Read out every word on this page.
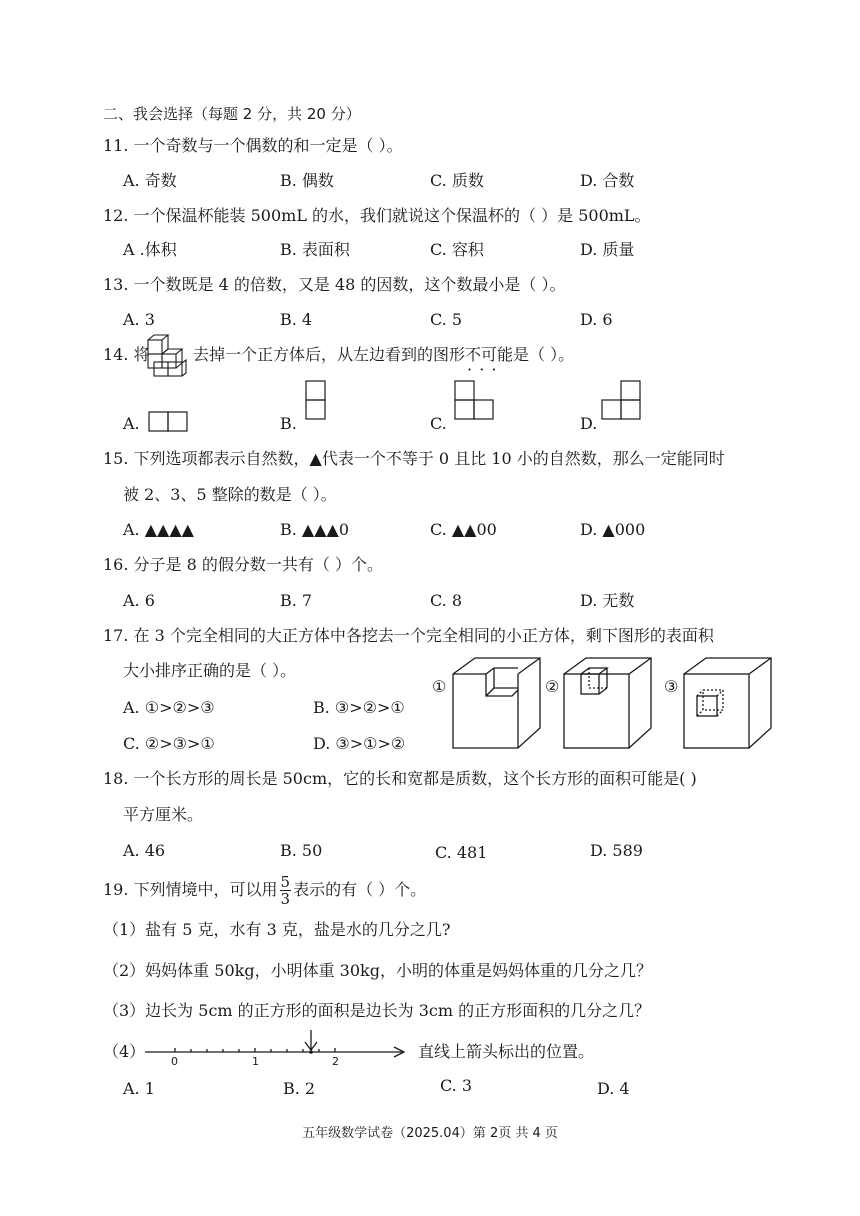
二、我会选择（每题 2 分，共 20 分）
11. 一个奇数与一个偶数的和一定是（ ）。
A. 奇数	B. 偶数	C. 质数	D. 合数
12. 一个保温杯能装 500mL 的水，我们就说这个保温杯的（ ）是 500mL。
A .体积	B. 表面积	C. 容积	D. 质量
13. 一个数既是 4 的倍数，又是 48 的因数，这个数最小是（ ）。
A. 3	B. 4	C. 5	D. 6
14. 将	去掉一个正方体后，从左边看到的图形不可能 · · ·是（ ）。
A.	B.	C.	D.
15. 下列选项都表示自然数，▲代表一个不等于 0 且比 10 小的自然数，那么一定能同时
被 2、3、5 整除的数是（ ）。
A. ▲▲▲▲	B. ▲▲▲0	C. ▲▲00	D. ▲000
16. 分子是 8 的假分数一共有（ ）个。
A. 6	B. 7	C. 8	D. 无数
17. 在 3 个完全相同的大正方体中各挖去一个完全相同的小正方体，剩下图形的表面积
大小排序正确的是（ ）。
A. ①>②>③	B. ③>②>①
C. ②>③>①	D. ③>①>②
①	②	③
18. 一个长方形的周长是 50cm，它的长和宽都是质数，这个长方形的面积可能是( )
平方厘米。
A. 46	B. 50	C. 481	D. 589
19. 下列情境中，可以用 $\frac{5}{3}$ 表示的有（ ）个。
（1）盐有 5 克，水有 3 克，盐是水的几分之几?
（2）妈妈体重 50kg，小明体重 30kg，小明的体重是妈妈体重的几分之几？
（3）边长为 5cm 的正方形的面积是边长为 3cm 的正方形面积的几分之几？
（4）
0	1	2
直线上箭头标出的位置。
A. 1	B. 2	C. 3	D. 4
五年级数学试卷（2025.04）第 2页 共 4 页
